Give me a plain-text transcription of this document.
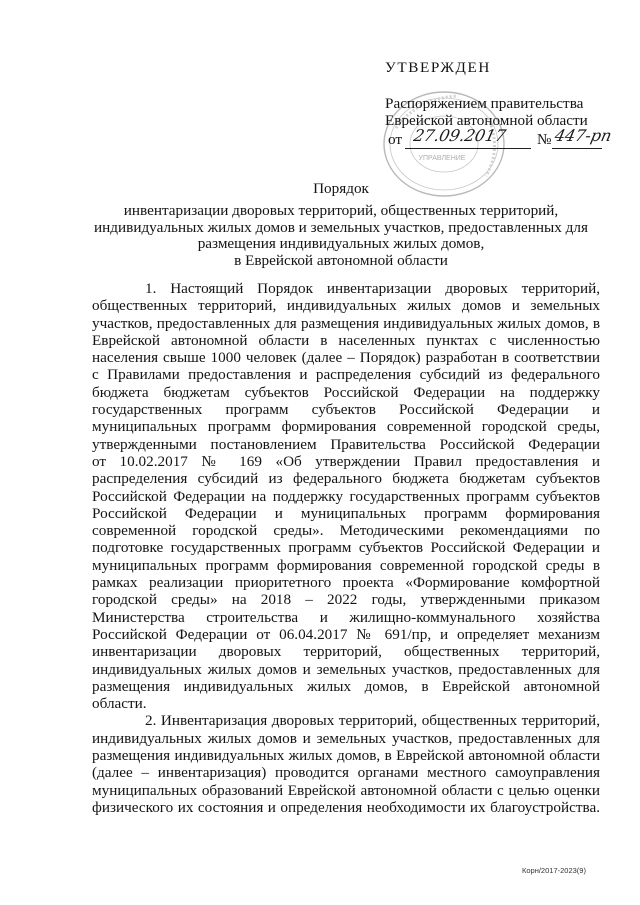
УТВЕРЖДЕН
Распоряжением правительства
Еврейской автономной области
от 27.09.2017 № 447-рп
УПРАВЛЕНИЕ
Порядок
инвентаризации дворовых территорий, общественных территорий,
индивидуальных жилых домов и земельных участков, предоставленных для
размещения индивидуальных жилых домов,
в Еврейской автономной области
1. Настоящий Порядок инвентаризации дворовых территорий,
общественных территорий, индивидуальных жилых домов и земельных
участков, предоставленных для размещения индивидуальных жилых домов, в
Еврейской автономной области в населенных пунктах с численностью
населения свыше 1000 человек (далее – Порядок) разработан в соответствии
с Правилами предоставления и распределения субсидий из федерального
бюджета бюджетам субъектов Российской Федерации на поддержку
государственных программ субъектов Российской Федерации и
муниципальных программ формирования современной городской среды,
утвержденными постановлением Правительства Российской Федерации
от 10.02.2017 № 169 «Об утверждении Правил предоставления и
распределения субсидий из федерального бюджета бюджетам субъектов
Российской Федерации на поддержку государственных программ субъектов
Российской Федерации и муниципальных программ формирования
современной городской среды». Методическими рекомендациями по
подготовке государственных программ субъектов Российской Федерации и
муниципальных программ формирования современной городской среды в
рамках реализации приоритетного проекта «Формирование комфортной
городской среды» на 2018 – 2022 годы, утвержденными приказом
Министерства строительства и жилищно-коммунального хозяйства
Российской Федерации от 06.04.2017 № 691/пр, и определяет механизм
инвентаризации дворовых территорий, общественных территорий,
индивидуальных жилых домов и земельных участков, предоставленных для
размещения индивидуальных жилых домов, в Еврейской автономной
области.
2. Инвентаризация дворовых территорий, общественных территорий,
индивидуальных жилых домов и земельных участков, предоставленных для
размещения индивидуальных жилых домов, в Еврейской автономной области
(далее – инвентаризация) проводится органами местного самоуправления
муниципальных образований Еврейской автономной области с целью оценки
физического их состояния и определения необходимости их благоустройства.
Корн/2017-2023(9)
